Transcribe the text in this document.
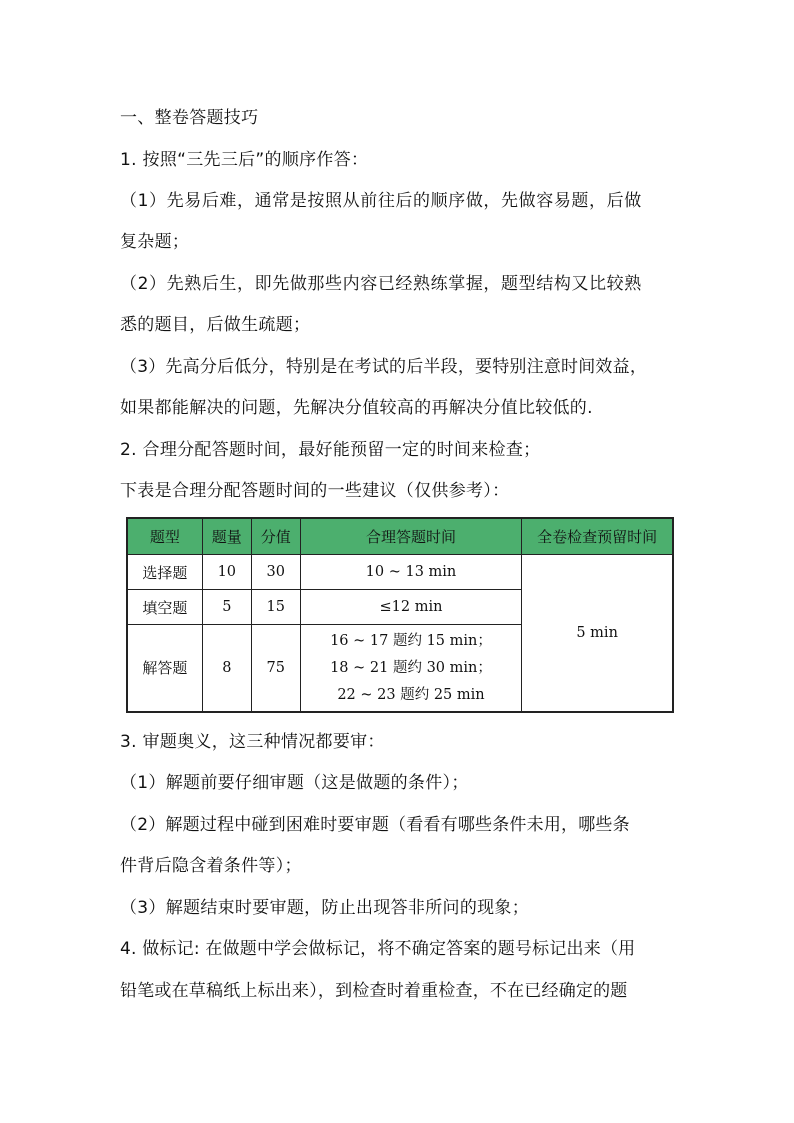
一、整卷答题技巧
1. 按照“三先三后”的顺序作答：
（1）先易后难，通常是按照从前往后的顺序做，先做容易题，后做
复杂题；
（2）先熟后生，即先做那些内容已经熟练掌握，题型结构又比较熟
悉的题目，后做生疏题；
（3）先高分后低分，特别是在考试的后半段，要特别注意时间效益，
如果都能解决的问题，先解决分值较高的再解决分值比较低的.
2. 合理分配答题时间，最好能预留一定的时间来检查；
下表是合理分配答题时间的一些建议（仅供参考）：
题型	题量	分值	合理答题时间	全卷检查预留时间
选择题	10	30	10 ~ 13 min	5 min
填空题	5	15	≤12 min	
解答题	8	75	16 ~ 17 题约 15 min；
18 ~ 21 题约 30 min；
22 ~ 23 题约 25 min	
3. 审题奥义，这三种情况都要审：
（1）解题前要仔细审题（这是做题的条件）；
（2）解题过程中碰到困难时要审题（看看有哪些条件未用，哪些条
件背后隐含着条件等）；
（3）解题结束时要审题，防止出现答非所问的现象；
4. 做标记: 在做题中学会做标记，将不确定答案的题号标记出来（用
铅笔或在草稿纸上标出来），到检查时着重检查，不在已经确定的题
